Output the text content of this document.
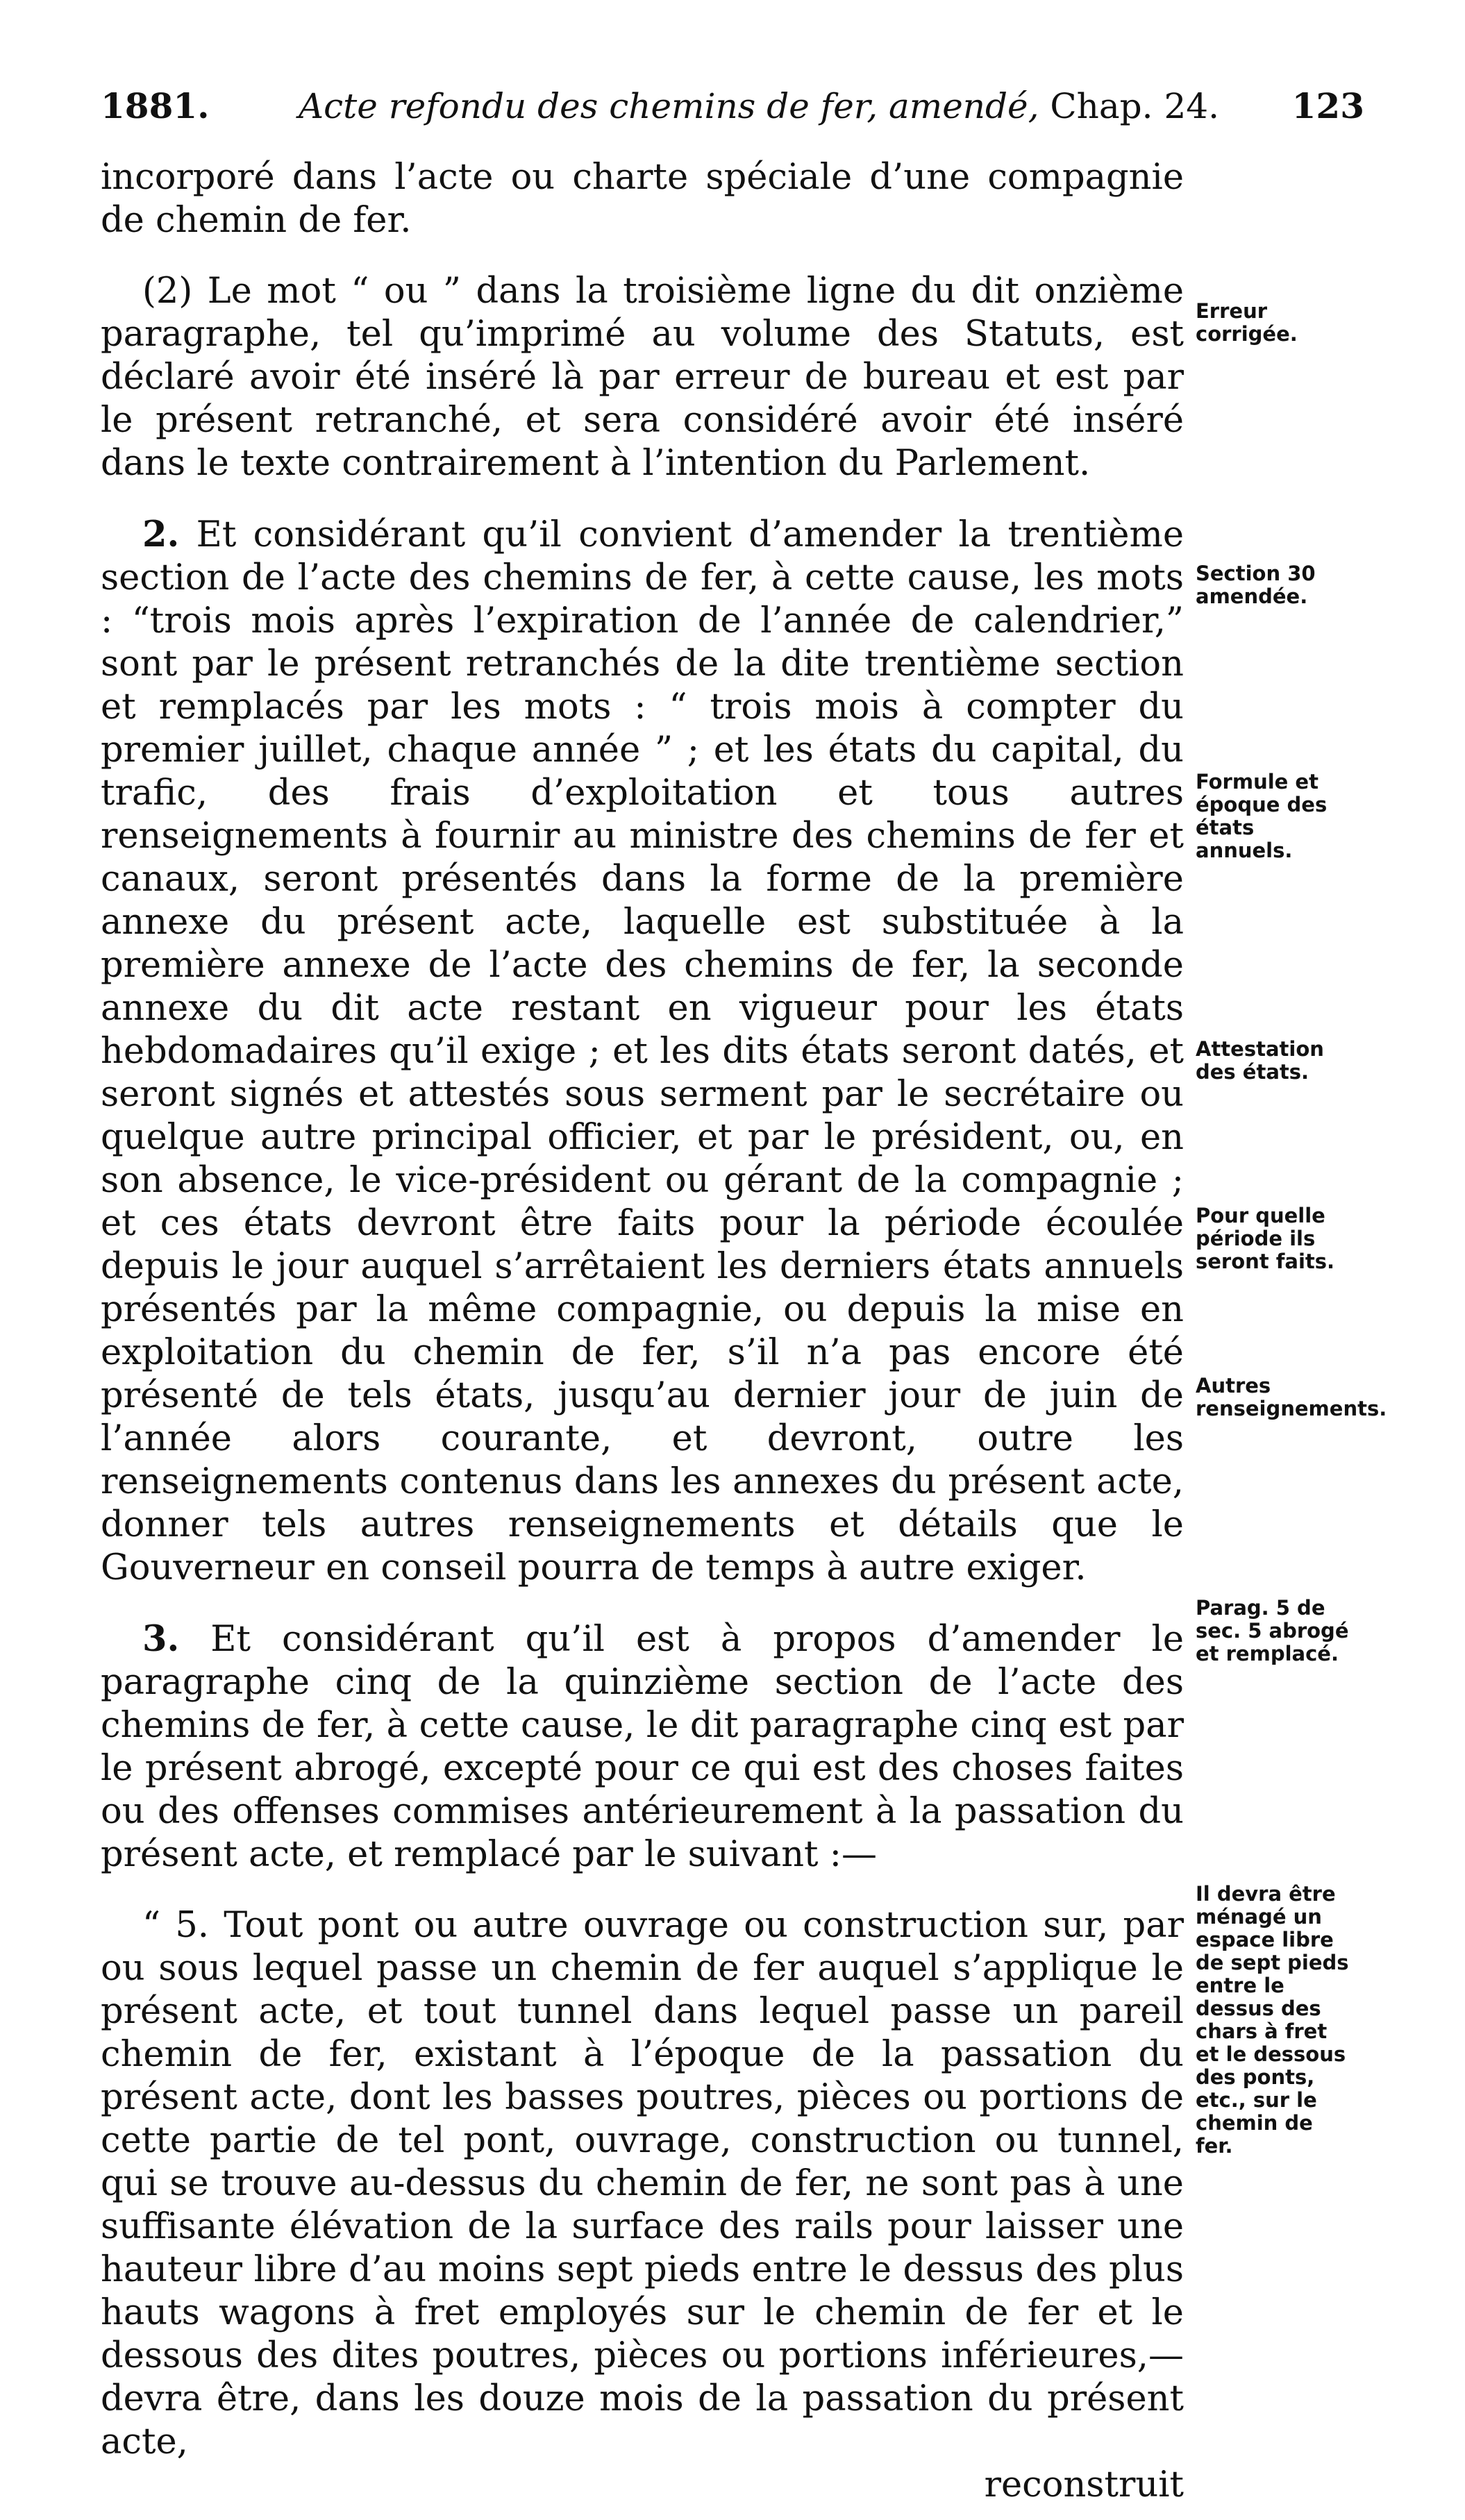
1881.	Acte refondu des chemins de fer, amendé, Chap. 24. 123

incorporé dans l’acte ou charte spéciale d’une compagnie de chemin de fer.

(2) Le mot “ ou ” dans la troisième ligne du dit onzième paragraphe, tel qu’imprimé au volume des Statuts, est déclaré avoir été inséré là par erreur de bureau et est par le présent retranché, et sera considéré avoir été inséré dans le texte contrairement à l’intention du Parlement.

2. Et considérant qu’il convient d’amender la trentième section de l’acte des chemins de fer, à cette cause, les mots : “trois mois après l’expiration de l’année de calendrier,” sont par le présent retranchés de la dite trentième section et remplacés par les mots : “ trois mois à compter du premier juillet, chaque année ” ; et les états du capital, du trafic, des frais d’exploitation et tous autres renseignements à fournir au ministre des chemins de fer et canaux, seront présentés dans la forme de la première annexe du présent acte, laquelle est substituée à la première annexe de l’acte des chemins de fer, la seconde annexe du dit acte restant en vigueur pour les états hebdomadaires qu’il exige ; et les dits états seront datés, et seront signés et attestés sous serment par le secrétaire ou quelque autre principal officier, et par le président, ou, en son absence, le vice-président ou gérant de la compagnie ; et ces états devront être faits pour la période écoulée depuis le jour auquel s’arrêtaient les derniers états annuels présentés par la même compagnie, ou depuis la mise en exploitation du chemin de fer, s’il n’a pas encore été présenté de tels états, jusqu’au dernier jour de juin de l’année alors courante, et devront, outre les renseignements contenus dans les annexes du présent acte, donner tels autres renseignements et détails que le Gouverneur en conseil pourra de temps à autre exiger.

3. Et considérant qu’il est à propos d’amender le paragraphe cinq de la quinzième section de l’acte des chemins de fer, à cette cause, le dit paragraphe cinq est par le présent abrogé, excepté pour ce qui est des choses faites ou des offenses commises antérieurement à la passation du présent acte, et remplacé par le suivant :—

“ 5. Tout pont ou autre ouvrage ou construction sur, par ou sous lequel passe un chemin de fer auquel s’applique le présent acte, et tout tunnel dans lequel passe un pareil chemin de fer, existant à l’époque de la passation du présent acte, dont les basses poutres, pièces ou portions de cette partie de tel pont, ouvrage, construction ou tunnel, qui se trouve au-dessus du chemin de fer, ne sont pas à une suffisante élévation de la surface des rails pour laisser une hauteur libre d’au moins sept pieds entre le dessus des plus hauts wagons à fret employés sur le chemin de fer et le dessous des dites poutres, pièces ou portions inférieures,—devra être, dans les douze mois de la passation du présent acte,

reconstruit

Erreur corrigée.
Section 30 amendée.
Formule et époque des états annuels.
Attestation des états.
Pour quelle période ils seront faits.
Autres renseignements.
Parag. 5 de sec. 5 abrogé et remplacé.
Il devra être ménagé un espace libre de sept pieds entre le dessus des chars à fret et le dessous des ponts, etc., sur le chemin de fer.
